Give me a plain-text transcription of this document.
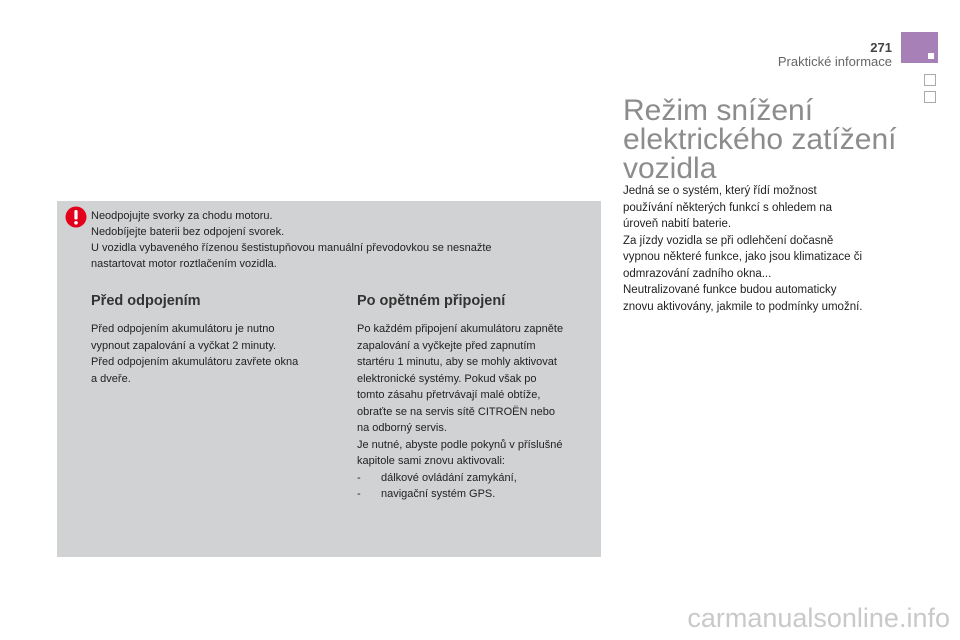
271
Praktické informace
Režim snížení
elektrického zatížení
vozidla

Jedná se o systém, který řídí možnost

používání některých funkcí s ohledem na

úroveň nabití baterie.

Za jízdy vozidla se při odlehčení dočasně

vypnou některé funkce, jako jsou klimatizace či

odmrazování zadního okna...

Neutralizované funkce budou automaticky

znovu aktivovány, jakmile to podmínky umožní.

Neodpojujte svorky za chodu motoru.

Nedobíjejte baterii bez odpojení svorek.

U vozidla vybaveného řízenou šestistupňovou manuální převodovkou se nesnažte

nastartovat motor roztlačením vozidla.

Před odpojením

Před odpojením akumulátoru je nutno

vypnout zapalování a vyčkat 2 minuty.

Před odpojením akumulátoru zavřete okna

a dveře.

Po opětném připojení

Po každém připojení akumulátoru zapněte

zapalování a vyčkejte před zapnutím

startéru 1 minutu, aby se mohly aktivovat

elektronické systémy. Pokud však po

tomto zásahu přetrvávají malé obtíže,

obraťte se na servis sítě CITROËN nebo

na odborný servis.

Je nutné, abyste podle pokynů v příslušné

kapitole sami znovu aktivovali:

- dálkové ovládání zamykání,
- navigační systém GPS.
carmanualsonline.info
